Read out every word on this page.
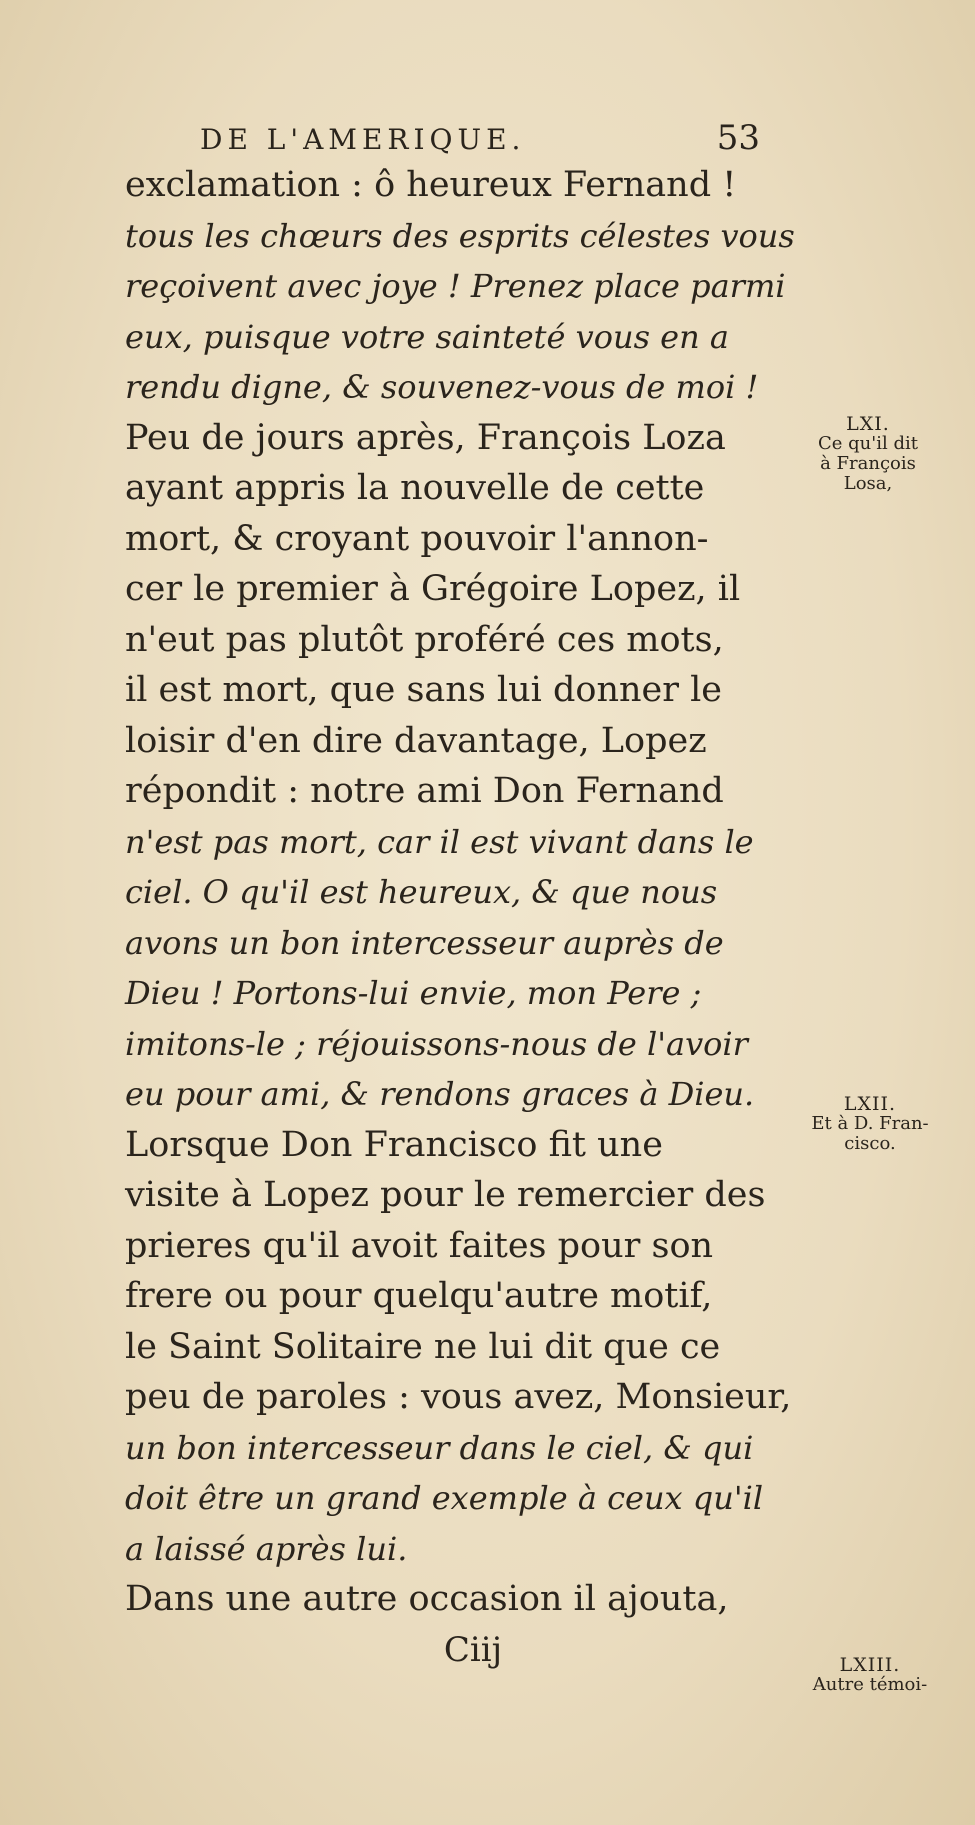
DE L'AMERIQUE.	53
exclamation : ô heureux Fernand !
tous les chœurs des esprits célestes vous
reçoivent avec joye ! Prenez place parmi
eux, puisque votre sainteté vous en a
rendu digne, & souvenez-vous de moi !
Peu de jours après, François Loza
ayant appris la nouvelle de cette
mort, & croyant pouvoir l'annon-
cer le premier à Grégoire Lopez, il
n'eut pas plutôt proféré ces mots,
il est mort, que sans lui donner le
loisir d'en dire davantage, Lopez
répondit : notre ami Don Fernand
n'est pas mort, car il est vivant dans le
ciel. O qu'il est heureux, & que nous
avons un bon intercesseur auprès de
Dieu ! Portons-lui envie, mon Pere ;
imitons-le ; réjouissons-nous de l'avoir
eu pour ami, & rendons graces à Dieu.
Lorsque Don Francisco fit une
visite à Lopez pour le remercier des
prieres qu'il avoit faites pour son
frere ou pour quelqu'autre motif,
le Saint Solitaire ne lui dit que ce
peu de paroles : vous avez, Monsieur,
un bon intercesseur dans le ciel, & qui
doit être un grand exemple à ceux qu'il
a laissé après lui.
Dans une autre occasion il ajouta,
Ciij
LXI.
Ce qu'il dit
à François
Losa,
LXII.
Et à D. Fran-
cisco.
LXIII.
Autre témoi-
